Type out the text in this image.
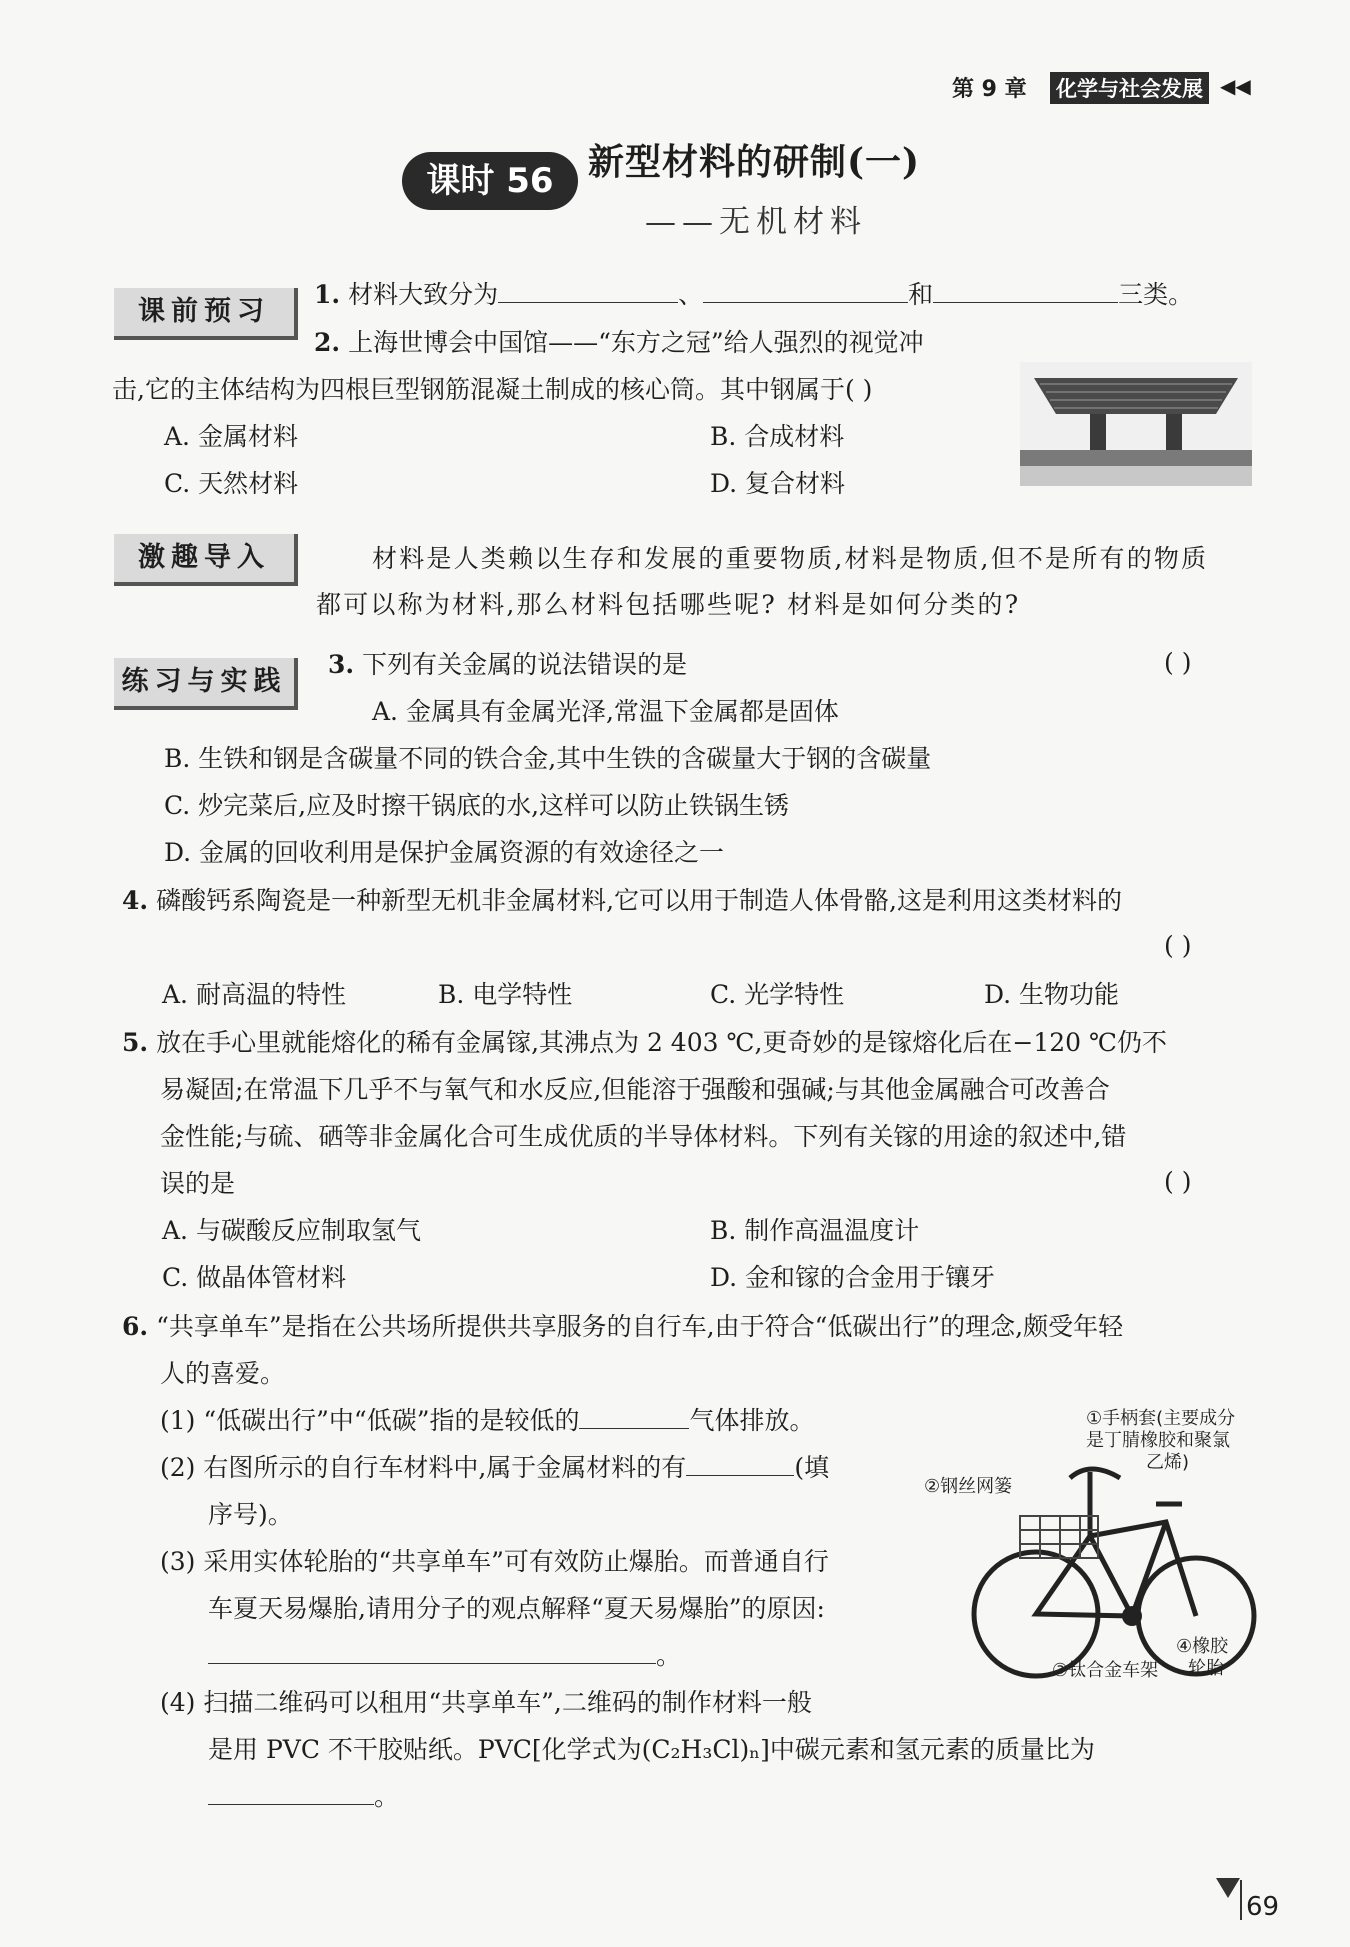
第 9 章 化学与社会发展 ◀◀
课时 56 新型材料的研制(一)
——无机材料
课前预习
1. 材料大致分为	、	和	三类。
2. 上海世博会中国馆——“东方之冠”给人强烈的视觉冲
击,它的主体结构为四根巨型钢筋混凝土制成的核心筒。其中钢属于( )
A. 金属材料	B. 合成材料
C. 天然材料	D. 复合材料
激趣导入	材料是人类赖以生存和发展的重要物质,材料是物质,但不是所有的物质
都可以称为材料,那么材料包括哪些呢? 材料是如何分类的?
练习与实践
3. 下列有关金属的说法错误的是	( )
A. 金属具有金属光泽,常温下金属都是固体
B. 生铁和钢是含碳量不同的铁合金,其中生铁的含碳量大于钢的含碳量
C. 炒完菜后,应及时擦干锅底的水,这样可以防止铁锅生锈
D. 金属的回收利用是保护金属资源的有效途径之一
4. 磷酸钙系陶瓷是一种新型无机非金属材料,它可以用于制造人体骨骼,这是利用这类材料的
( )
A. 耐高温的特性	B. 电学特性	C. 光学特性	D. 生物功能
5. 放在手心里就能熔化的稀有金属镓,其沸点为 2 403 ℃,更奇妙的是镓熔化后在−120 ℃仍不
易凝固;在常温下几乎不与氧气和水反应,但能溶于强酸和强碱;与其他金属融合可改善合
金性能;与硫、硒等非金属化合可生成优质的半导体材料。下列有关镓的用途的叙述中,错
误的是	( )
A. 与碳酸反应制取氢气	B. 制作高温温度计
C. 做晶体管材料	D. 金和镓的合金用于镶牙
6. “共享单车”是指在公共场所提供共享服务的自行车,由于符合“低碳出行”的理念,颇受年轻
人的喜爱。
(1) “低碳出行”中“低碳”指的是较低的	气体排放。
(2) 右图所示的自行车材料中,属于金属材料的有	(填
序号)。
(3) 采用实体轮胎的“共享单车”可有效防止爆胎。而普通自行
车夏天易爆胎,请用分子的观点解释“夏天易爆胎”的原因:
。
(4) 扫描二维码可以租用“共享单车”,二维码的制作材料一般
是用 PVC 不干胶贴纸。PVC[化学式为(C₂H₃Cl)ₙ]中碳元素和氢元素的质量比为
。
①手柄套(主要成分
是丁腈橡胶和聚氯
乙烯)
②钢丝网篓
③钛合金车架
④橡胶
轮胎
69
